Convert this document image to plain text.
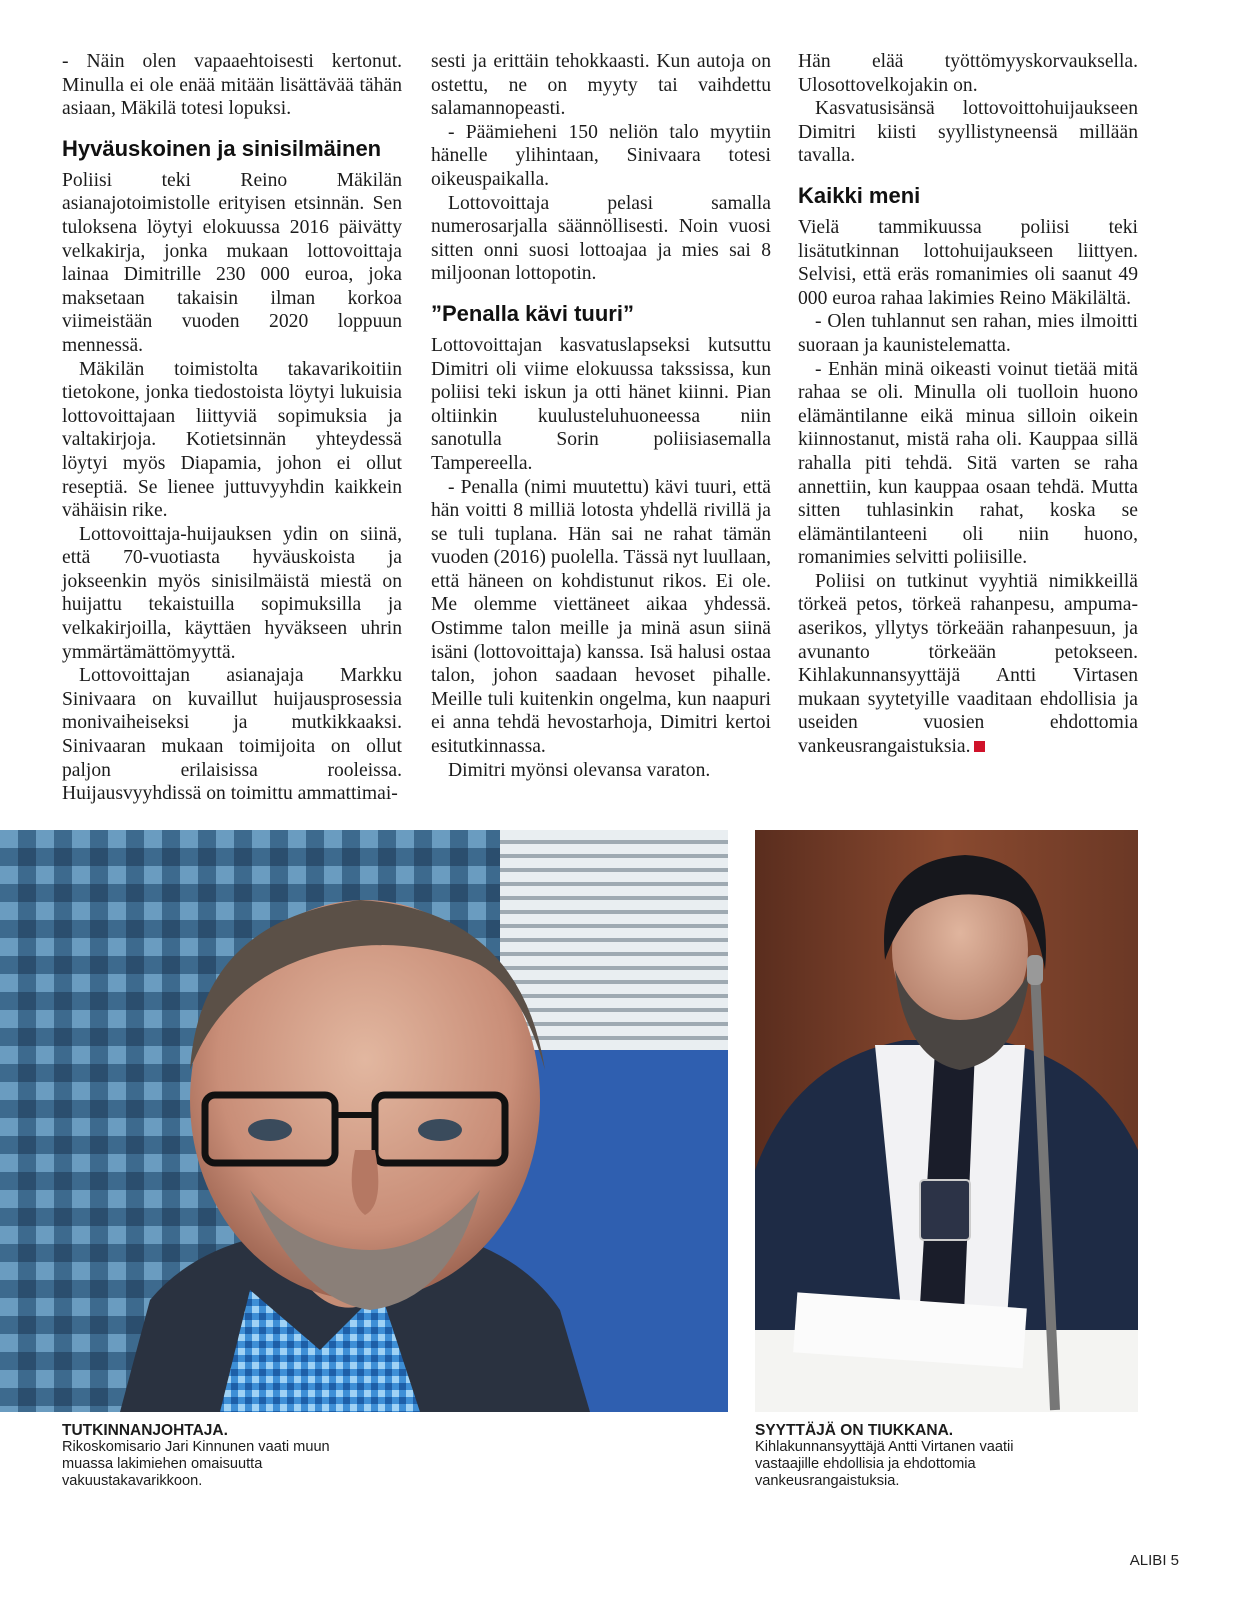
- Näin olen vapaaehtoisesti kertonut. Minulla ei ole enää mitään lisättävää tähän asiaan, Mäkilä totesi lopuksi.

Hyväuskoinen ja sinisilmäinen

Poliisi teki Reino Mäkilän asianajotoimistolle erityisen etsinnän. Sen tuloksena löytyi elokuussa 2016 päivätty velkakirja, jonka mukaan lottovoittaja lainaa Dimitrille 230 000 euroa, joka maksetaan takaisin ilman korkoa viimeistään vuoden 2020 loppuun mennessä.

Mäkilän toimistolta takavarikoitiin tietokone, jonka tiedostoista löytyi lukuisia lottovoittajaan liittyviä sopimuksia ja valtakirjoja. Kotietsinnän yhteydessä löytyi myös Diapamia, johon ei ollut reseptiä. Se lienee juttuvyyhdin kaikkein vähäisin rike.

Lottovoittaja-huijauksen ydin on siinä, että 70-vuotiasta hyväuskoista ja jokseenkin myös sinisilmäistä miestä on huijattu tekaistuilla sopimuksilla ja velkakirjoilla, käyttäen hyväkseen uhrin ymmärtämättömyyttä.

Lottovoittajan asianajaja Markku Sinivaara on kuvaillut huijausprosessia monivaiheiseksi ja mutkikkaaksi. Sinivaaran mukaan toimijoita on ollut paljon erilaisissa rooleissa. Huijausvyyhdissä on toimittu ammattimai-

sesti ja erittäin tehokkaasti. Kun autoja on ostettu, ne on myyty tai vaihdettu salamannopeasti.

- Päämieheni 150 neliön talo myytiin hänelle ylihintaan, Sinivaara totesi oikeuspaikalla.

Lottovoittaja pelasi samalla numerosarjalla säännöllisesti. Noin vuosi sitten onni suosi lottoajaa ja mies sai 8 miljoonan lottopotin.

”Penalla kävi tuuri”

Lottovoittajan kasvatuslapseksi kutsuttu Dimitri oli viime elokuussa takssissa, kun poliisi teki iskun ja otti hänet kiinni. Pian oltiinkin kuulusteluhuoneessa niin sanotulla Sorin poliisiasemalla Tampereella.

- Penalla (nimi muutettu) kävi tuuri, että hän voitti 8 milliä lotosta yhdellä rivillä ja se tuli tuplana. Hän sai ne rahat tämän vuoden (2016) puolella. Tässä nyt luullaan, että häneen on kohdistunut rikos. Ei ole. Me olemme viettäneet aikaa yhdessä. Ostimme talon meille ja minä asun siinä isäni (lottovoittaja) kanssa. Isä halusi ostaa talon, johon saadaan hevoset pihalle. Meille tuli kuitenkin ongelma, kun naapuri ei anna tehdä hevostarhoja, Dimitri kertoi esitutkinnassa.

Dimitri myönsi olevansa varaton.

Hän elää työttömyyskorvauksella. Ulosottovelkojakin on.

Kasvatusisänsä lottovoittohuijaukseen Dimitri kiisti syyllistyneensä millään tavalla.

Kaikki meni

Vielä tammikuussa poliisi teki lisätutkinnan lottohuijaukseen liittyen. Selvisi, että eräs romanimies oli saanut 49 000 euroa rahaa lakimies Reino Mäkilältä.

- Olen tuhlannut sen rahan, mies ilmoitti suoraan ja kaunistelematta.

- Enhän minä oikeasti voinut tietää mitä rahaa se oli. Minulla oli tuolloin huono elämäntilanne eikä minua silloin oikein kiinnostanut, mistä raha oli. Kauppaa sillä rahalla piti tehdä. Sitä varten se raha annettiin, kun kauppaa osaan tehdä. Mutta sitten tuhlasinkin rahat, koska se elämäntilanteeni oli niin huono, romanimies selvitti poliisille.

Poliisi on tutkinut vyyhtiä nimikkeillä törkeä petos, törkeä rahanpesu, ampuma-aserikos, yllytys törkeään rahanpesuun, ja avunanto törkeään petokseen. Kihlakunnansyyttäjä Antti Virtasen mukaan syytetyille vaaditaan ehdollisia ja useiden vuosien ehdottomia vankeusrangaistuksia.

TUTKINNANJOHTAJA.
Rikoskomisario Jari Kinnunen vaati muun muassa lakimiehen omaisuutta vakuustakavarikkoon.
SYYTTÄJÄ ON TIUKKANA.
Kihlakunnansyyttäjä Antti Virtanen vaatii vastaajille ehdollisia ja ehdottomia vankeusrangaistuksia.
ALIBI 5
